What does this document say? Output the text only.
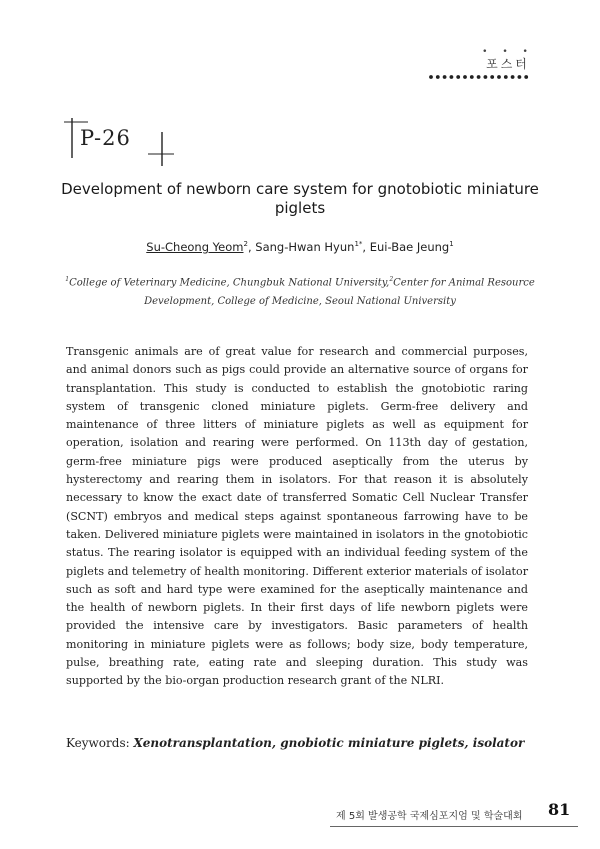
• • •
포스터
P-26
Development of newborn care system for gnotobiotic miniature piglets
Su-Cheong Yeom$^2$, Sang-Hwan Hyun$^{1*}$, Eui-Bae Jeung$^1$
$^1$College of Veterinary Medicine, Chungbuk National University,$^2$Center for Animal Resource Development, College of Medicine, Seoul National University

Transgenic animals are of great value for research and commercial purposes, and animal donors such as pigs could provide an alternative source of organs for transplantation. This study is conducted to establish the gnotobiotic raring system of transgenic cloned miniature piglets. Germ-free delivery and maintenance of three litters of miniature piglets as well as equipment for operation, isolation and rearing were performed. On 113th day of gestation, germ-free miniature pigs were produced aseptically from the uterus by hysterectomy and rearing them in isolators. For that reason it is absolutely necessary to know the exact date of transferred Somatic Cell Nuclear Transfer (SCNT) embryos and medical steps against spontaneous farrowing have to be taken. Delivered miniature piglets were maintained in isolators in the gnotobiotic status. The rearing isolator is equipped with an individual feeding system of the piglets and telemetry of health monitoring. Different exterior materials of isolator such as soft and hard type were examined for the aseptically maintenance and the health of newborn piglets. In their first days of life newborn piglets were provided the intensive care by investigators. Basic parameters of health monitoring in miniature piglets were as follows; body size, body temperature, pulse, breathing rate, eating rate and sleeping duration. This study was supported by the bio-organ production research grant of the NLRI.

Keywords: Xenotransplantation, gnobiotic miniature piglets, isolator
제 5회 발생공학 국제심포지엄 및 학술대회 81
